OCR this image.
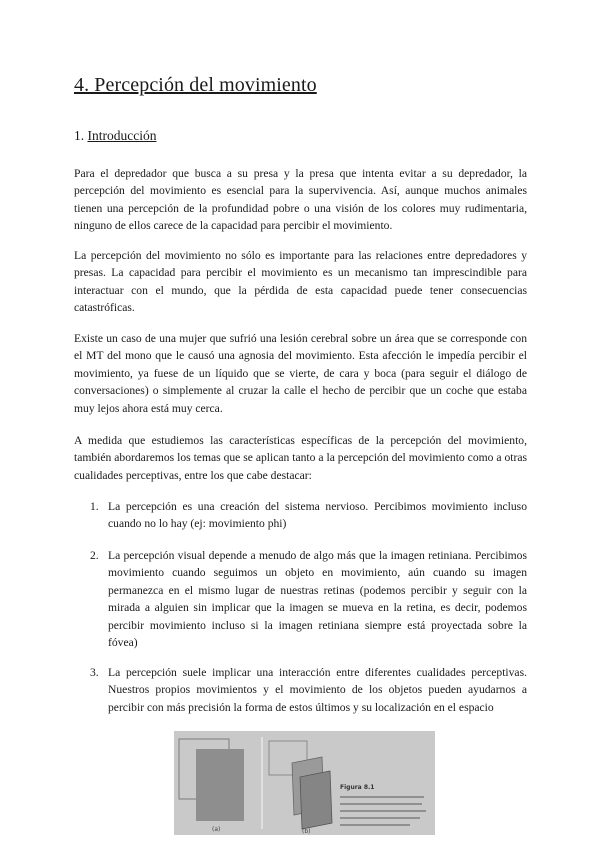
4. Percepción del movimiento

1. Introducción

Para el depredador que busca a su presa y la presa que intenta evitar a su depredador, la percepción del movimiento es esencial para la supervivencia. Así, aunque muchos animales tienen una percepción de la profundidad pobre o una visión de los colores muy rudimentaria, ninguno de ellos carece de la capacidad para percibir el movimiento.

La percepción del movimiento no sólo es importante para las relaciones entre depredadores y presas. La capacidad para percibir el movimiento es un mecanismo tan imprescindible para interactuar con el mundo, que la pérdida de esta capacidad puede tener consecuencias catastróficas.

Existe un caso de una mujer que sufrió una lesión cerebral sobre un área que se corresponde con el MT del mono que le causó una agnosia del movimiento. Esta afección le impedía percibir el movimiento, ya fuese de un líquido que se vierte, de cara y boca (para seguir el diálogo de conversaciones) o simplemente al cruzar la calle el hecho de percibir que un coche que estaba muy lejos ahora está muy cerca.

A medida que estudiemos las características específicas de la percepción del movimiento, también abordaremos los temas que se aplican tanto a la percepción del movimiento como a otras cualidades perceptivas, entre los que cabe destacar:

1. La percepción es una creación del sistema nervioso. Percibimos movimiento incluso cuando no lo hay (ej: movimiento phi)

2. La percepción visual depende a menudo de algo más que la imagen retiniana. Percibimos movimiento cuando seguimos un objeto en movimiento, aún cuando su imagen permanezca en el mismo lugar de nuestras retinas (podemos percibir y seguir con la mirada a alguien sin implicar que la imagen se mueva en la retina, es decir, podemos percibir movimiento incluso si la imagen retiniana siempre está proyectada sobre la fóvea)

3. La percepción suele implicar una interacción entre diferentes cualidades perceptivas. Nuestros propios movimientos y el movimiento de los objetos pueden ayudarnos a percibir con más precisión la forma de estos últimos y su localización en el espacio

(a)	(b)
Figura 8.1
